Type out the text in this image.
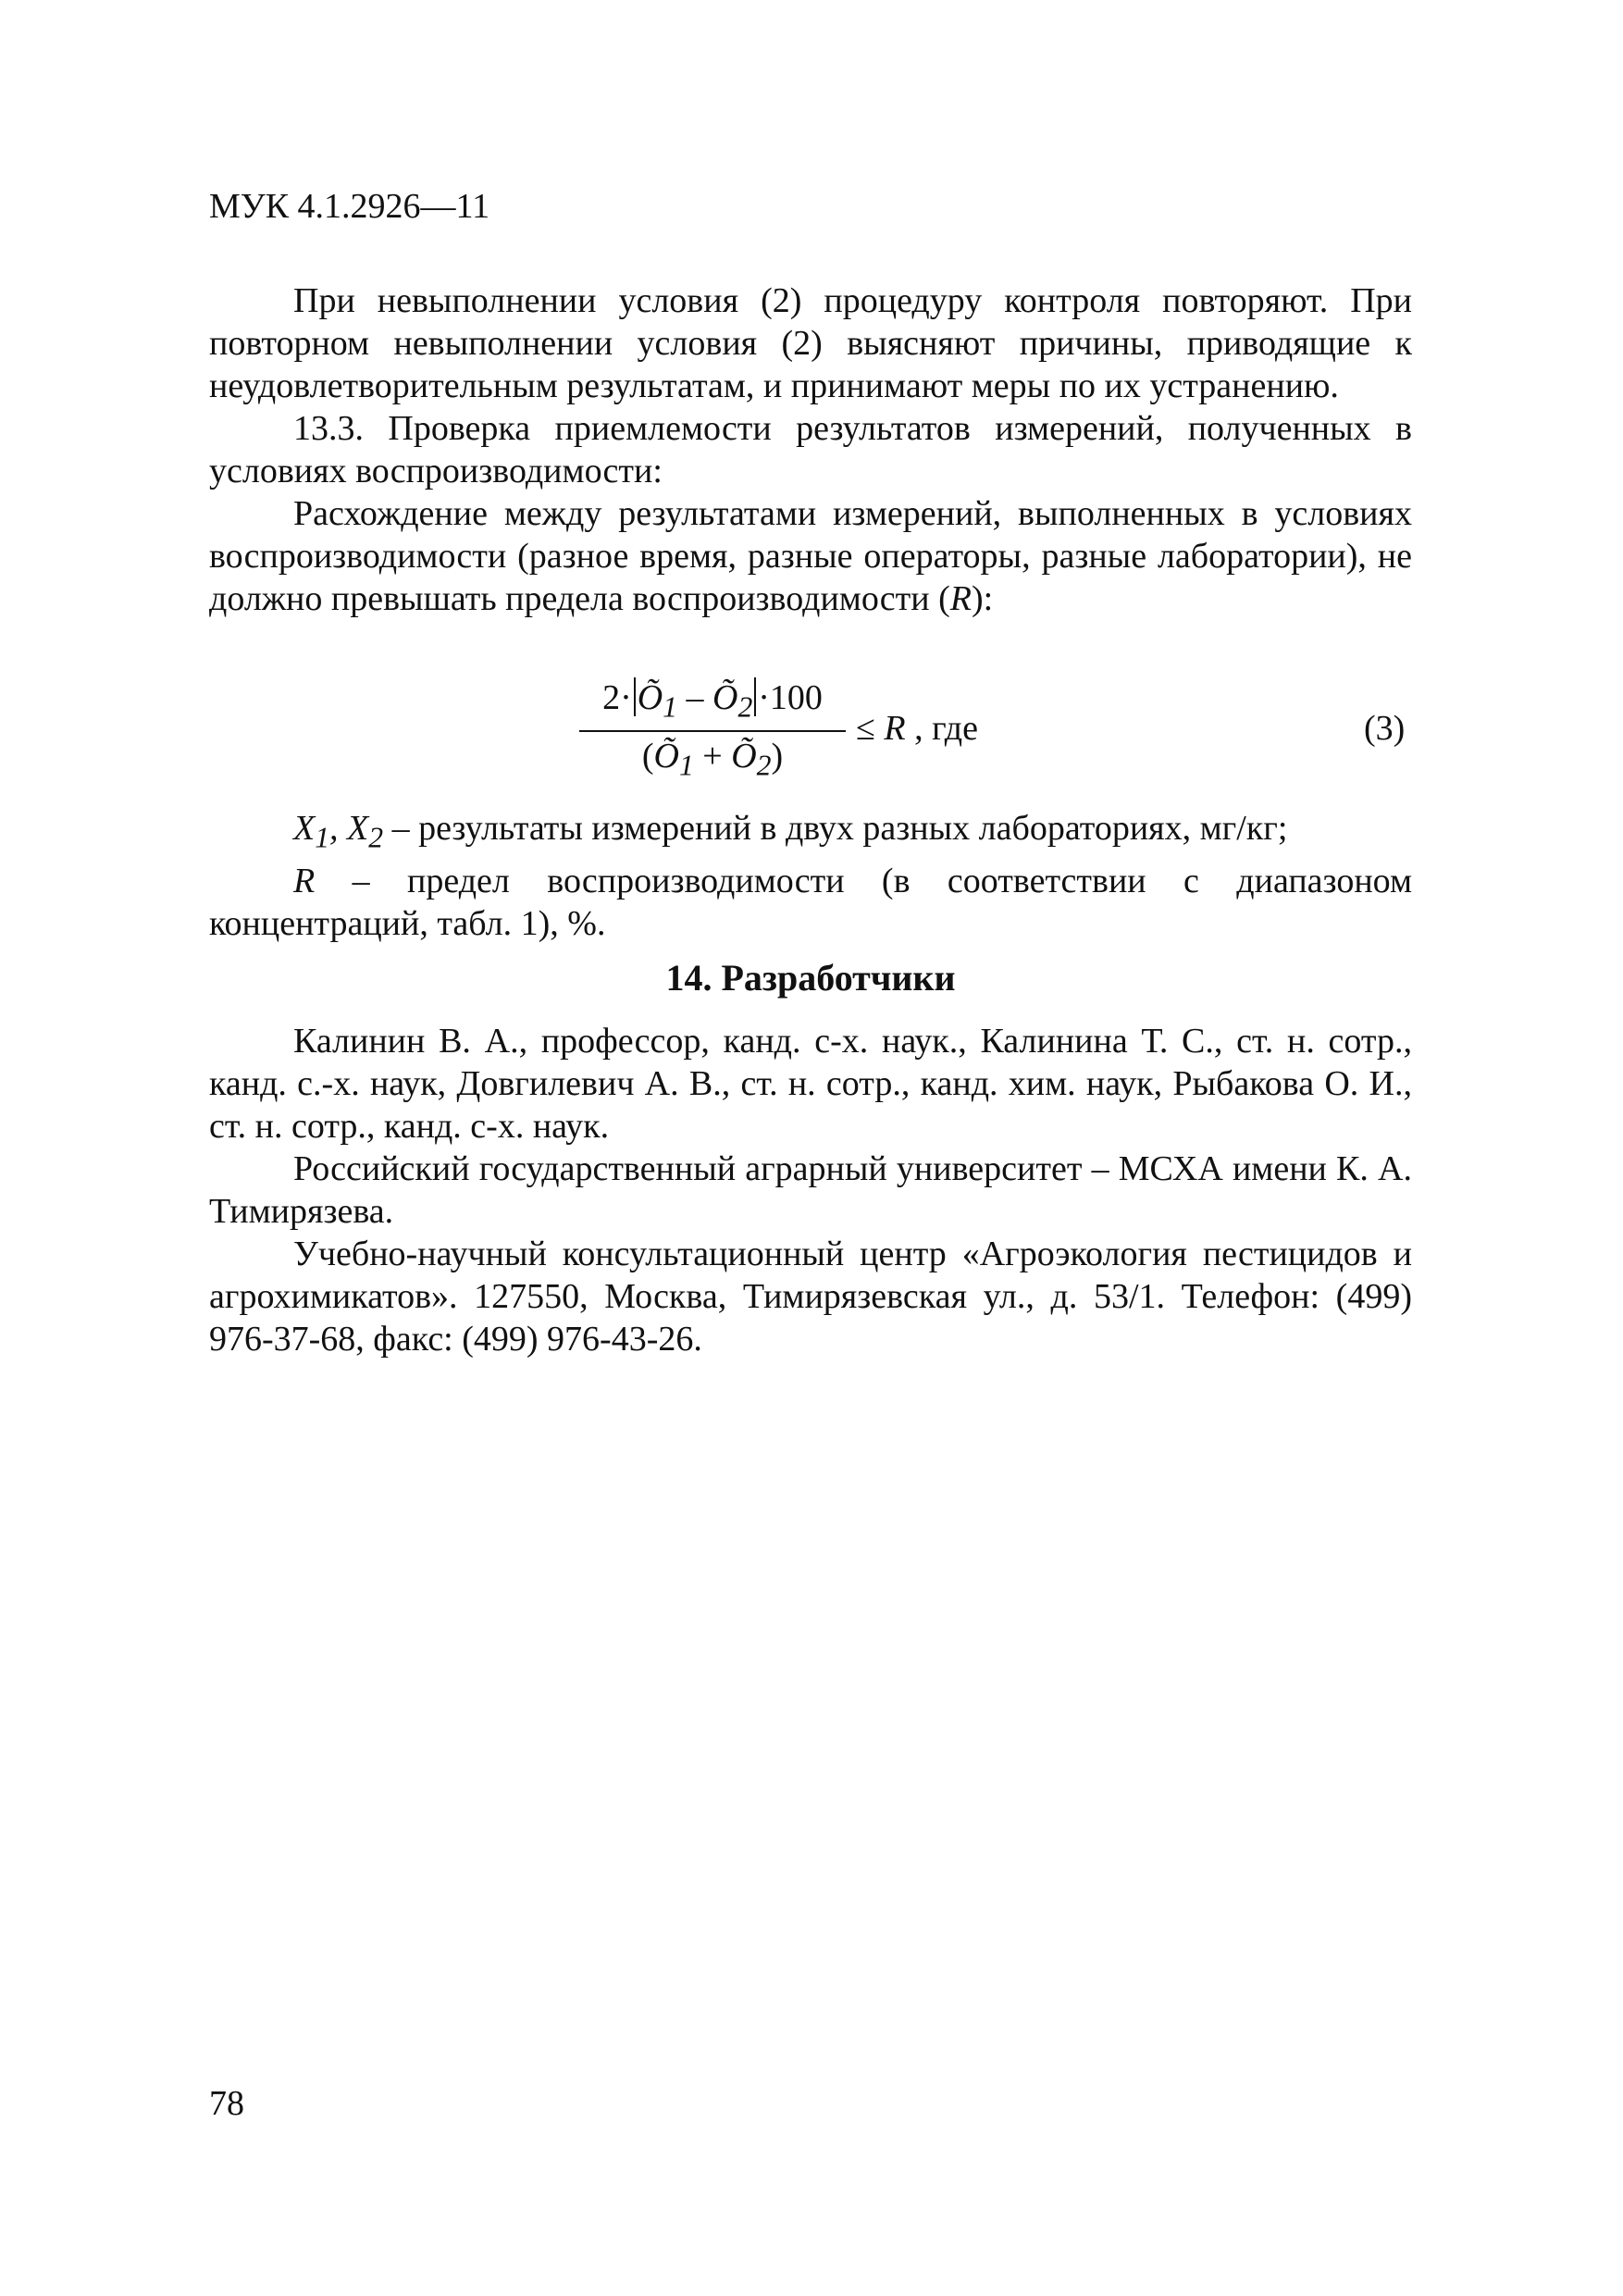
МУК 4.1.2926—11

При невыполнении условия (2) процедуру контроля повторяют. При повторном невыполнении условия (2) выясняют причины, приводящие к неудовлетворительным результатам, и принимают меры по их устранению.

13.3. Проверка приемлемости результатов измерений, полученных в условиях воспроизводимости:

Расхождение между результатами измерений, выполненных в условиях воспроизводимости (разное время, разные операторы, разные лаборатории), не должно превышать предела воспроизводимости (R):

$2\cdot Õ_1$ – $Õ_2 \cdot 100$
($Õ_1$ + $Õ_2$)
≤ R , где	(3)

$X_1$, $X_2$ – результаты измерений в двух разных лабораториях, мг/кг;

R – предел воспроизводимости (в соответствии с диапазоном концентраций, табл. 1), %.

14. Разработчики

Калинин В. А., профессор, канд. с-х. наук., Калинина Т. С., ст. н. сотр., канд. с.-х. наук, Довгилевич А. В., ст. н. сотр., канд. хим. наук, Рыбакова О. И., ст. н. сотр., канд. с-х. наук.

Российский государственный аграрный университет – МСХА имени К. А. Тимирязева.

Учебно-научный консультационный центр «Агроэкология пестицидов и агрохимикатов». 127550, Москва, Тимирязевская ул., д. 53/1. Телефон: (499) 976-37-68, факс: (499) 976-43-26.

78
